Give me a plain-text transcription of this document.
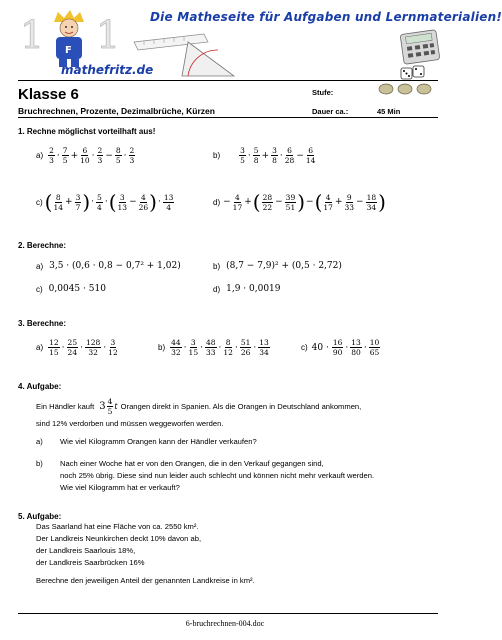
1 1
F
Die Matheseite für Aufgaben und Lernmaterialien!
mathefritz.de
Klasse 6
Bruchrechnen, Prozente, Dezimalbrüche, Kürzen
Stufe:
Dauer ca.:	45 Min
1. Rechne möglichst vorteilhaft aus!
$a) \frac{2}{3} \cdot \frac{7}{5} + \frac{6}{10} \cdot \frac{2}{3} - \frac{8}{5} \cdot \frac{2}{3}$	b)	$\frac{3}{5} \cdot \frac{5}{8} + \frac{3}{8} \cdot \frac{6}{28} - \frac{6}{14}$
c) ( $\frac{8}{14} + \frac{3}{7}$ ) · $\frac{5}{4}$ · ( $\frac{3}{13} - \frac{4}{26}$ ) · $\frac{13}{4}$	$d) - \frac{4}{17}$ + ( $\frac{28}{22} - \frac{39}{51}$ ) − ( $\frac{4}{17} + \frac{9}{33} - \frac{18}{34}$ )
2. Berechne:
a) 3,5 · (0,6 · 0,8 − 0,7² + 1,02)	b) (8,7 − 7,9)² + (0,5 · 2,72)
c) 0,0045 · 510	d) 1,9 · 0,0019
3. Berechne:
$a) \frac{12}{15} \cdot \frac{25}{24} \cdot \frac{128}{32} \cdot \frac{3}{12}$	$b) \frac{44}{32} \cdot \frac{3}{15} \cdot \frac{48}{33} \cdot \frac{8}{12} \cdot \frac{51}{26} \cdot \frac{13}{34}$	c) $40 \cdot \frac{16}{90} \cdot \frac{13}{80} \cdot \frac{10}{65}$
4. Aufgabe:
Ein Händler kauft $3 \frac{4}{5}$ t Orangen direkt in Spanien. Als die Orangen in Deutschland ankommen,
sind 12% verdorben und müssen weggeworfen werden.
a) Wie viel Kilogramm Orangen kann der Händler verkaufen?
b) Nach einer Woche hat er von den Orangen, die in den Verkauf gegangen sind,
noch 25% übrig. Diese sind nun leider auch schlecht und können nicht mehr verkauft werden.
Wie viel Kilogramm hat er verkauft?
5. Aufgabe:
Das Saarland hat eine Fläche von ca. 2550 km².
Der Landkreis Neunkirchen deckt 10% davon ab,
der Landkreis Saarlouis 18%,
der Landkreis Saarbrücken 16%
Berechne den jeweiligen Anteil der genannten Landkreise in km².
6-bruchrechnen-004.doc
